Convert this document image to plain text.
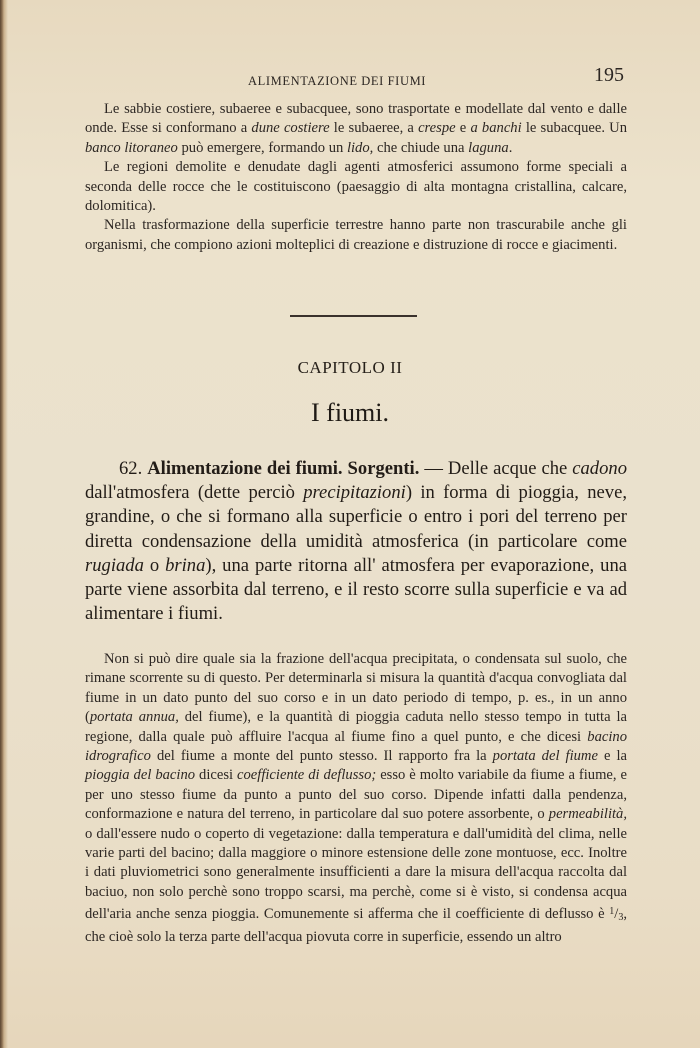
ALIMENTAZIONE DEI FIUMI	195

Le sabbie costiere, subaeree e subacquee, sono trasportate e modellate dal vento e dalle onde. Esse si conformano a dune costiere le subaeree, a crespe e a banchi le subacquee. Un banco litoraneo può emergere, formando un lido, che chiude una laguna.

Le regioni demolite e denudate dagli agenti atmosferici assumono forme speciali a seconda delle rocce che le costituiscono (paesaggio di alta montagna cristallina, calcare, dolomitica).

Nella trasformazione della superficie terrestre hanno parte non trascurabile anche gli organismi, che compiono azioni molteplici di creazione e distruzione di rocce e giacimenti.

CAPITOLO II
I fiumi.

62. Alimentazione dei fiumi. Sorgenti. — Delle acque che cadono dall'atmosfera (dette perciò precipitazioni) in forma di pioggia, neve, grandine, o che si formano alla superficie o entro i pori del terreno per diretta condensazione della umidità atmosferica (in particolare come rugiada o brina), una parte ritorna all' atmosfera per evaporazione, una parte viene assorbita dal terreno, e il resto scorre sulla superficie e va ad alimentare i fiumi.

Non si può dire quale sia la frazione dell'acqua precipitata, o condensata sul suolo, che rimane scorrente su di questo. Per determinarla si misura la quantità d'acqua convogliata dal fiume in un dato punto del suo corso e in un dato periodo di tempo, p. es., in un anno (portata annua, del fiume), e la quantità di pioggia caduta nello stesso tempo in tutta la regione, dalla quale può affluire l'acqua al fiume fino a quel punto, e che dicesi bacino idrografico del fiume a monte del punto stesso. Il rapporto fra la portata del fiume e la pioggia del bacino dicesi coefficiente di deflusso; esso è molto variabile da fiume a fiume, e per uno stesso fiume da punto a punto del suo corso. Dipende infatti dalla pendenza, conformazione e natura del terreno, in particolare dal suo potere assorbente, o permeabilità, o dall'essere nudo o coperto di vegetazione: dalla temperatura e dall'umidità del clima, nelle varie parti del bacino; dalla maggiore o minore estensione delle zone montuose, ecc. Inoltre i dati pluviometrici sono generalmente insufficienti a dare la misura dell'acqua raccolta dal baciuo, non solo perchè sono troppo scarsi, ma perchè, come si è visto, si condensa acqua dell'aria anche senza pioggia. Comunemente si afferma che il coefficiente di deflusso è $^1$/3, che cioè solo la terza parte dell'acqua piovuta corre in superficie, essendo un altro
